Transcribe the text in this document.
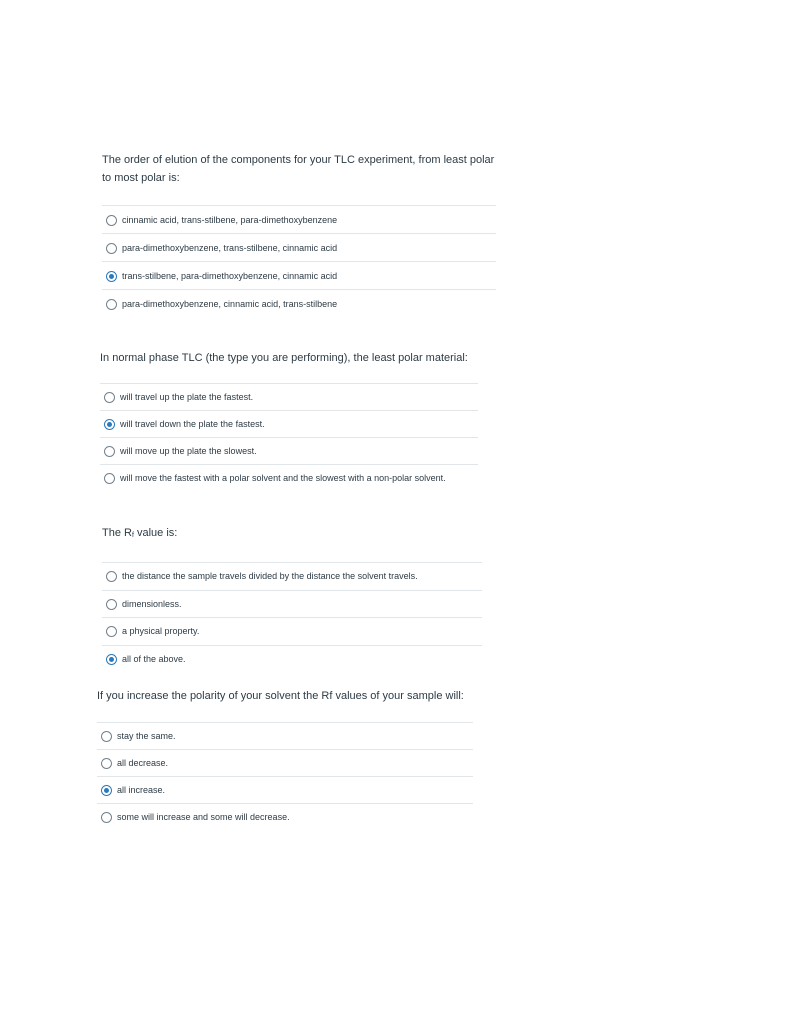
The order of elution of the components for your TLC experiment, from least polar to most polar is:

cinnamic acid, trans-stilbene, para-dimethoxybenzene
para-dimethoxybenzene, trans-stilbene, cinnamic acid
trans-stilbene, para-dimethoxybenzene, cinnamic acid
para-dimethoxybenzene, cinnamic acid, trans-stilbene

In normal phase TLC (the type you are performing), the least polar material:

will travel up the plate the fastest.
will travel down the plate the fastest.
will move up the plate the slowest.
will move the fastest with a polar solvent and the slowest with a non-polar solvent.

The Rf value is:

the distance the sample travels divided by the distance the solvent travels.
dimensionless.
a physical property.
all of the above.

If you increase the polarity of your solvent the Rf values of your sample will:

stay the same.
all decrease.
all increase.
some will increase and some will decrease.
